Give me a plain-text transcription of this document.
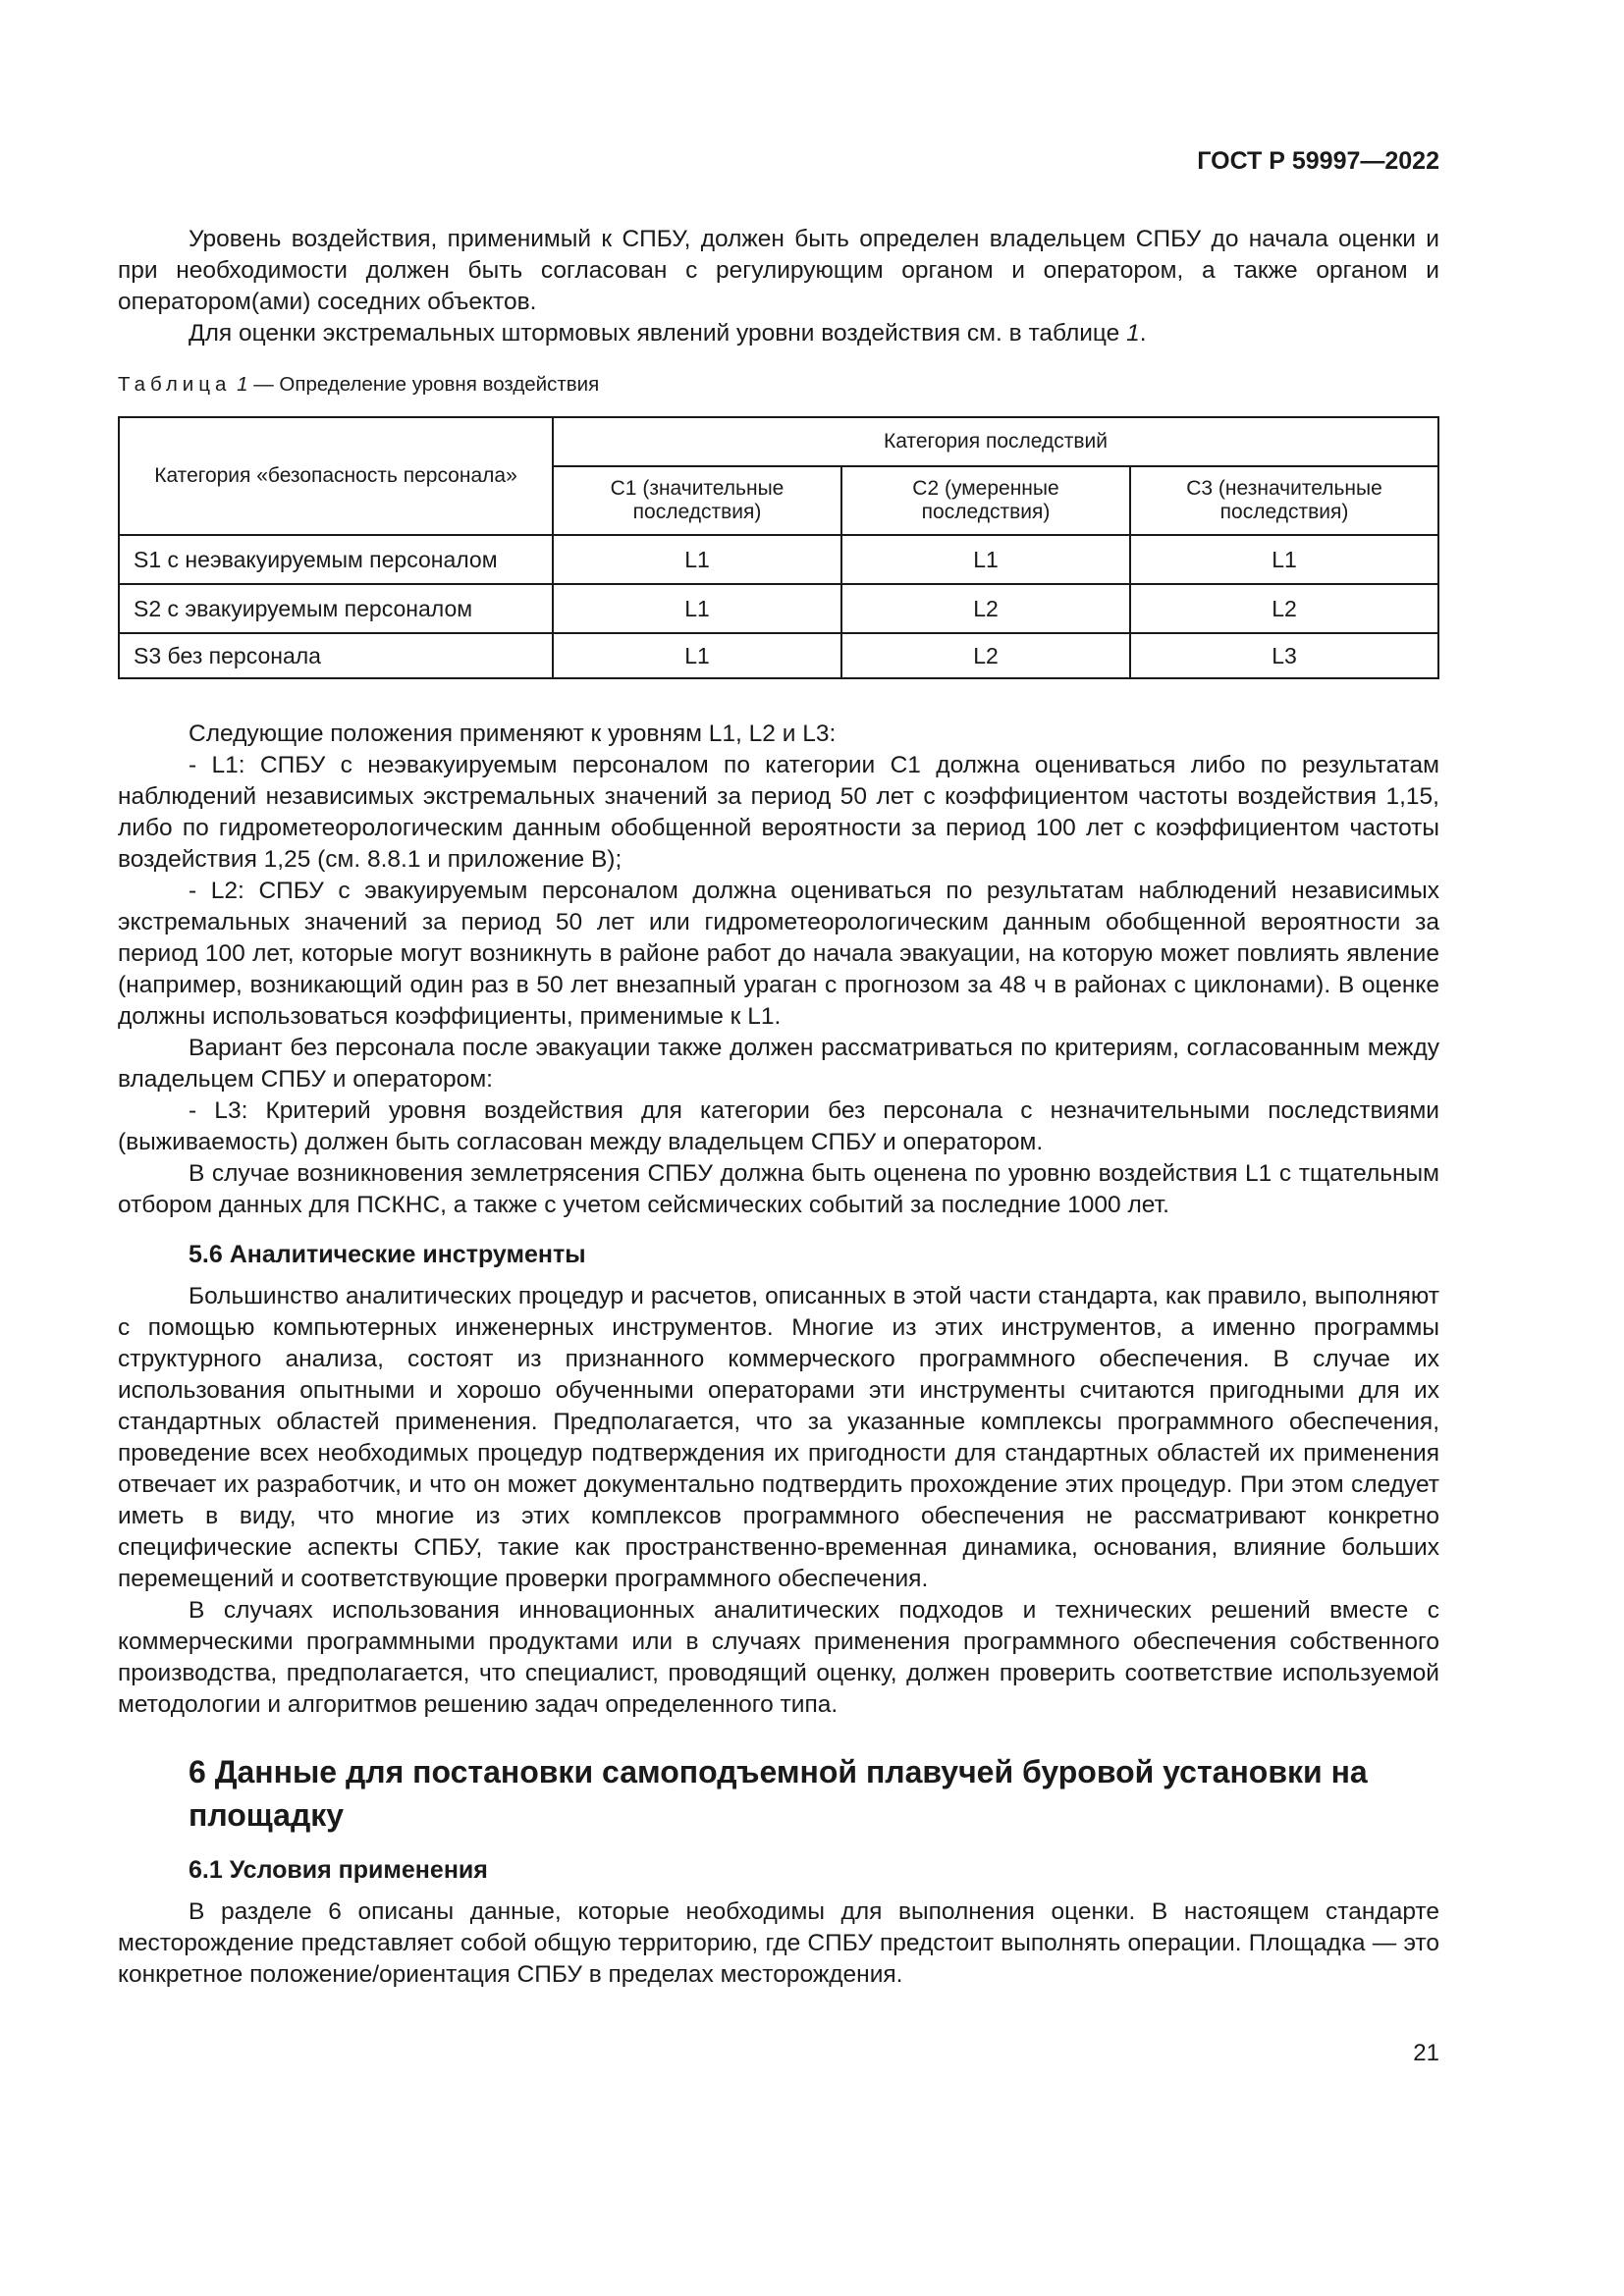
ГОСТ Р 59997—2022

Уровень воздействия, применимый к СПБУ, должен быть определен владельцем СПБУ до начала оценки и при необходимости должен быть согласован с регулирующим органом и оператором, а также органом и оператором(ами) соседних объектов.

Для оценки экстремальных штормовых явлений уровни воздействия см. в таблице 1.

Таблица 1 — Определение уровня воздействия
Категория «безопасность персонала»	Категория последствий		
	С1 (значительные последствия)	С2 (умеренные последствия)	С3 (незначительные последствия)
S1 с неэвакуируемым персоналом	L1	L1	L1
S2 с эвакуируемым персоналом	L1	L2	L2
S3 без персонала	L1	L2	L3

Следующие положения применяют к уровням L1, L2 и L3:

- L1: СПБУ с неэвакуируемым персоналом по категории С1 должна оцениваться либо по результатам наблюдений независимых экстремальных значений за период 50 лет с коэффициентом частоты воздействия 1,15, либо по гидрометеорологическим данным обобщенной вероятности за период 100 лет с коэффициентом частоты воздействия 1,25 (см. 8.8.1 и приложение В);

- L2: СПБУ с эвакуируемым персоналом должна оцениваться по результатам наблюдений независимых экстремальных значений за период 50 лет или гидрометеорологическим данным обобщенной вероятности за период 100 лет, которые могут возникнуть в районе работ до начала эвакуации, на которую может повлиять явление (например, возникающий один раз в 50 лет внезапный ураган с прогнозом за 48 ч в районах с циклонами). В оценке должны использоваться коэффициенты, применимые к L1.

Вариант без персонала после эвакуации также должен рассматриваться по критериям, согласованным между владельцем СПБУ и оператором:

- L3: Критерий уровня воздействия для категории без персонала с незначительными последствиями (выживаемость) должен быть согласован между владельцем СПБУ и оператором.

В случае возникновения землетрясения СПБУ должна быть оценена по уровню воздействия L1 с тщательным отбором данных для ПСКНС, а также с учетом сейсмических событий за последние 1000 лет.

5.6 Аналитические инструменты

Большинство аналитических процедур и расчетов, описанных в этой части стандарта, как правило, выполняют с помощью компьютерных инженерных инструментов. Многие из этих инструментов, а именно программы структурного анализа, состоят из признанного коммерческого программного обеспечения. В случае их использования опытными и хорошо обученными операторами эти инструменты считаются пригодными для их стандартных областей применения. Предполагается, что за указанные комплексы программного обеспечения, проведение всех необходимых процедур подтверждения их пригодности для стандартных областей их применения отвечает их разработчик, и что он может документально подтвердить прохождение этих процедур. При этом следует иметь в виду, что многие из этих комплексов программного обеспечения не рассматривают конкретно специфические аспекты СПБУ, такие как пространственно-временная динамика, основания, влияние больших перемещений и соответствующие проверки программного обеспечения.

В случаях использования инновационных аналитических подходов и технических решений вместе с коммерческими программными продуктами или в случаях применения программного обеспечения собственного производства, предполагается, что специалист, проводящий оценку, должен проверить соответствие используемой методологии и алгоритмов решению задач определенного типа.

6 Данные для постановки самоподъемной плавучей буровой установки на площадку
6.1 Условия применения

В разделе 6 описаны данные, которые необходимы для выполнения оценки. В настоящем стандарте месторождение представляет собой общую территорию, где СПБУ предстоит выполнять операции. Площадка — это конкретное положение/ориентация СПБУ в пределах месторождения.

21
